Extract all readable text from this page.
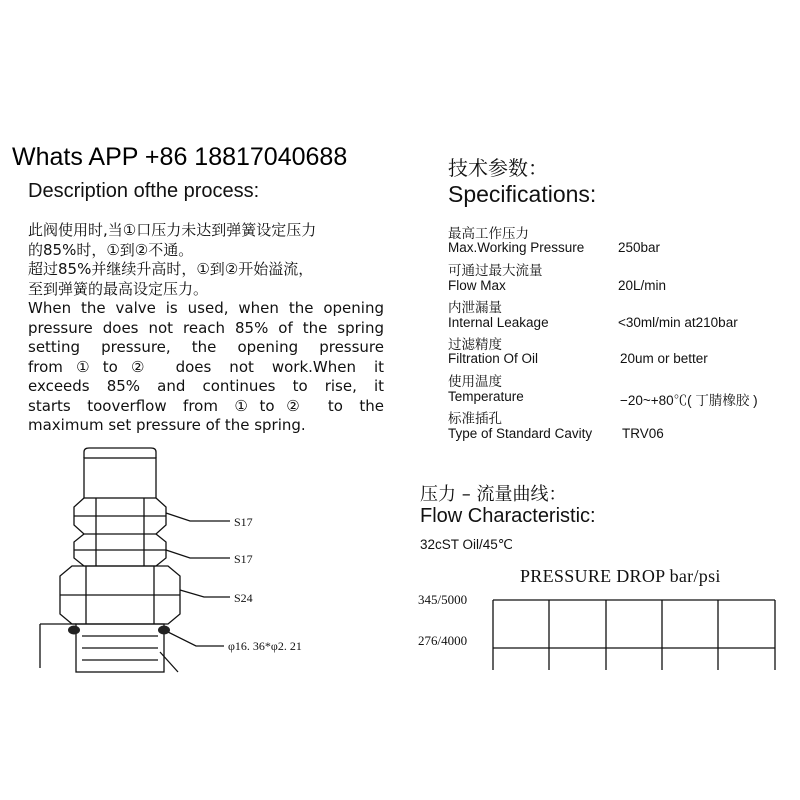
Whats APP +86 18817040688
Description ofthe process:
此阀使用时,当①口压力未达到弹簧设定压力
的85%时，①到②不通。
超过85%并继续升高时，①到②开始溢流，
至到弹簧的最高设定压力。
When the valve is used, when the opening
pressure does not reach 85% of the spring
setting pressure, the opening pressure
from①to② does not work.When it
exceeds 85% and continues to rise, it
starts tooverflow from ①to② to the
maximum set pressure of the spring.
技术参数：
Specifications:
最高工作压力
Max.Working Pressure 250bar
可通过最大流量
Flow Max	20L/min
内泄漏量
Internal Leakage	<30ml/min at210bar
过滤精度
Filtration Of Oil	20um or better
使用温度
Temperature	−20~+80℃( 丁腈橡胶 )
标准插孔
Type of Standard Cavity TRV06
压力 – 流量曲线：
Flow Characteristic:
32cST Oil/45℃
PRESSURE DROP bar/psi
345/5000
276/4000
S17
S17
S24
φ16. 36*φ2. 21
